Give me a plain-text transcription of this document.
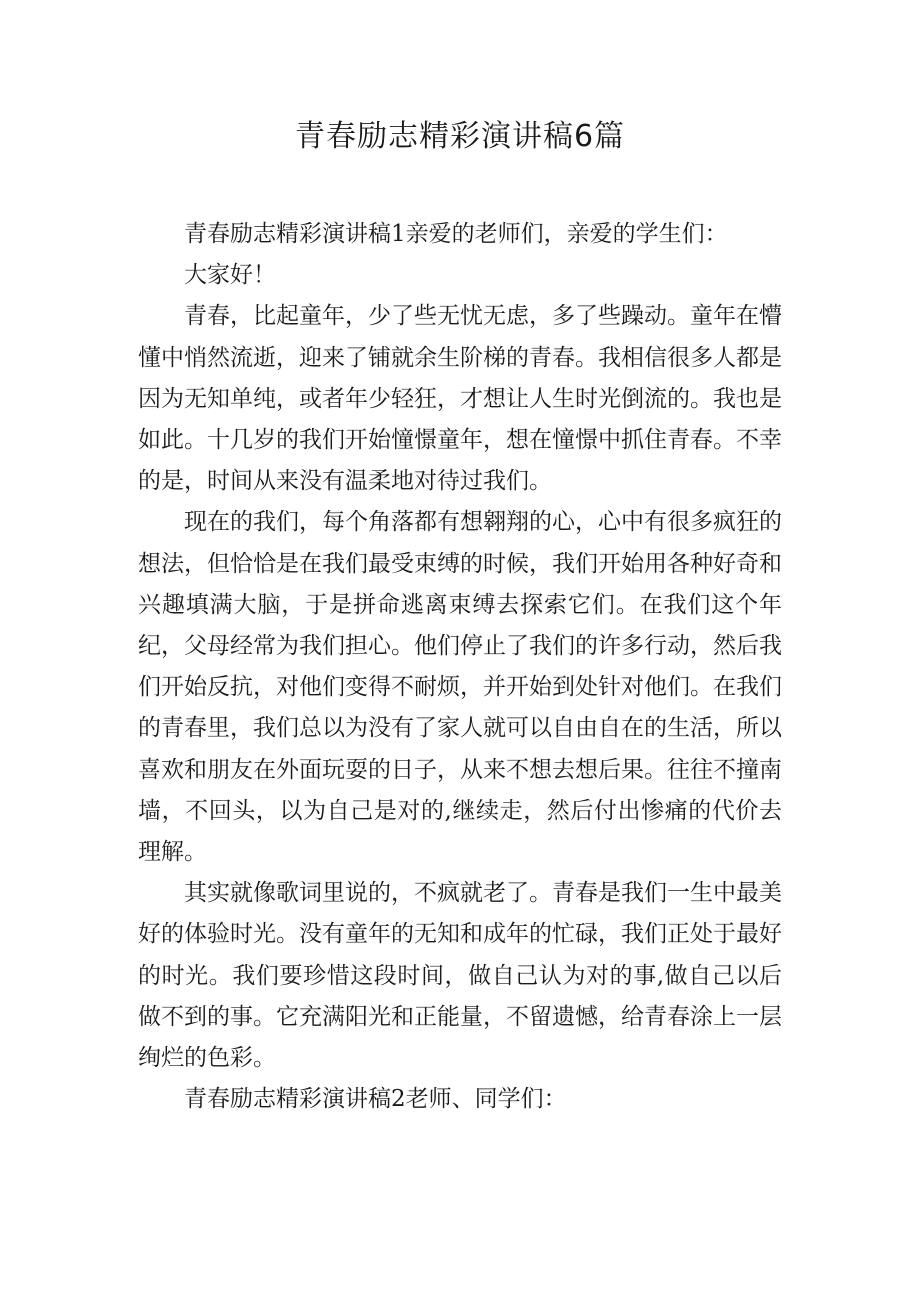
青春励志精彩演讲稿6篇

青春励志精彩演讲稿1亲爱的老师们，亲爱的学生们：

大家好！

青春，比起童年，少了些无忧无虑，多了些躁动。童年在懵懂中悄然流逝，迎来了铺就余生阶梯的青春。我相信很多人都是因为无知单纯，或者年少轻狂，才想让人生时光倒流的。我也是如此。十几岁的我们开始憧憬童年，想在憧憬中抓住青春。不幸的是，时间从来没有温柔地对待过我们。

现在的我们，每个角落都有想翱翔的心，心中有很多疯狂的想法，但恰恰是在我们最受束缚的时候，我们开始用各种好奇和兴趣填满大脑，于是拼命逃离束缚去探索它们。在我们这个年纪，父母经常为我们担心。他们停止了我们的许多行动，然后我们开始反抗，对他们变得不耐烦，并开始到处针对他们。在我们的青春里，我们总以为没有了家人就可以自由自在的生活，所以喜欢和朋友在外面玩耍的日子，从来不想去想后果。往往不撞南墙，不回头，以为自己是对的,继续走，然后付出惨痛的代价去理解。

其实就像歌词里说的，不疯就老了。青春是我们一生中最美好的体验时光。没有童年的无知和成年的忙碌，我们正处于最好的时光。我们要珍惜这段时间，做自己认为对的事,做自己以后做不到的事。它充满阳光和正能量，不留遗憾，给青春涂上一层绚烂的色彩。

青春励志精彩演讲稿2老师、同学们：
